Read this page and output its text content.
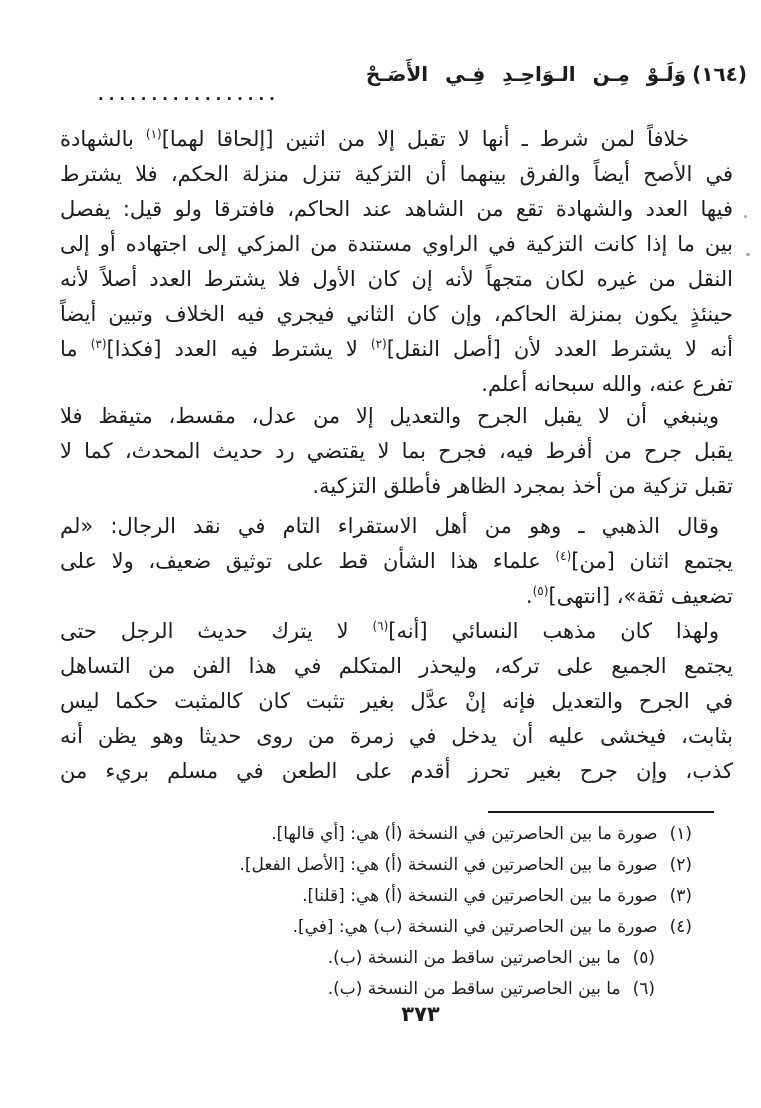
(١٦٤)
وَلَـوْ مِـن الـوَاحِـدِ فِـي الأَصَـحْ
.................
خلافاً لمن شرط ـ أنها لا تقبل إلا من اثنين [إلحاقا لهما]$^{(١)}$ بالشهادة
في الأصح أيضاً والفرق بينهما أن التزكية تنزل منزلة الحكم، فلا يشترط
فيها العدد والشهادة تقع من الشاهد عند الحاكم، فافترقا ولو قيل: يفصل
بين ما إذا كانت التزكية في الراوي مستندة من المزكي إلى اجتهاده أو إلى
النقل من غيره لكان متجهاً لأنه إن كان الأول فلا يشترط العدد أصلاً لأنه
حينئذٍ يكون بمنزلة الحاكم، وإن كان الثاني فيجري فيه الخلاف وتبين أيضاً
أنه لا يشترط العدد لأن [أصل النقل]$^{(٢)}$ لا يشترط فيه العدد [فكذا]$^{(٣)}$ ما
تفرع عنه، والله سبحانه أعلم.
وينبغي أن لا يقبل الجرح والتعديل إلا من عدل، مقسط، متيقظ فلا
يقبل جرح من أفرط فيه، فجرح بما لا يقتضي رد حديث المحدث، كما لا
تقبل تزكية من أخذ بمجرد الظاهر فأطلق التزكية.
وقال الذهبي ـ وهو من أهل الاستقراء التام في نقد الرجال: «لم
يجتمع اثنان [من]$^{(٤)}$ علماء هذا الشأن قط على توثيق ضعيف، ولا على
تضعيف ثقة»، [انتهى]$^{(٥)}$.
ولهذا كان مذهب النسائي [أنه]$^{(٦)}$ لا يترك حديث الرجل حتى
يجتمع الجميع على تركه، وليحذر المتكلم في هذا الفن من التساهل
في الجرح والتعديل فإنه إنْ عدَّل بغير تثبت كان كالمثبت حكما ليس
بثابت، فيخشى عليه أن يدخل في زمرة من روى حديثا وهو يظن أنه
كذب، وإن جرح بغير تحرز أقدم على الطعن في مسلم بريء من
(١)صورة ما بين الحاصرتين في النسخة (أ) هي: [أي قالها].
(٢)صورة ما بين الحاصرتين في النسخة (أ) هي: [الأصل الفعل].
(٣)صورة ما بين الحاصرتين في النسخة (أ) هي: [قلنا].
(٤)صورة ما بين الحاصرتين في النسخة (ب) هي: [في].
(٥)ما بين الحاصرتين ساقط من النسخة (ب).
(٦)ما بين الحاصرتين ساقط من النسخة (ب).
٣٧٣
